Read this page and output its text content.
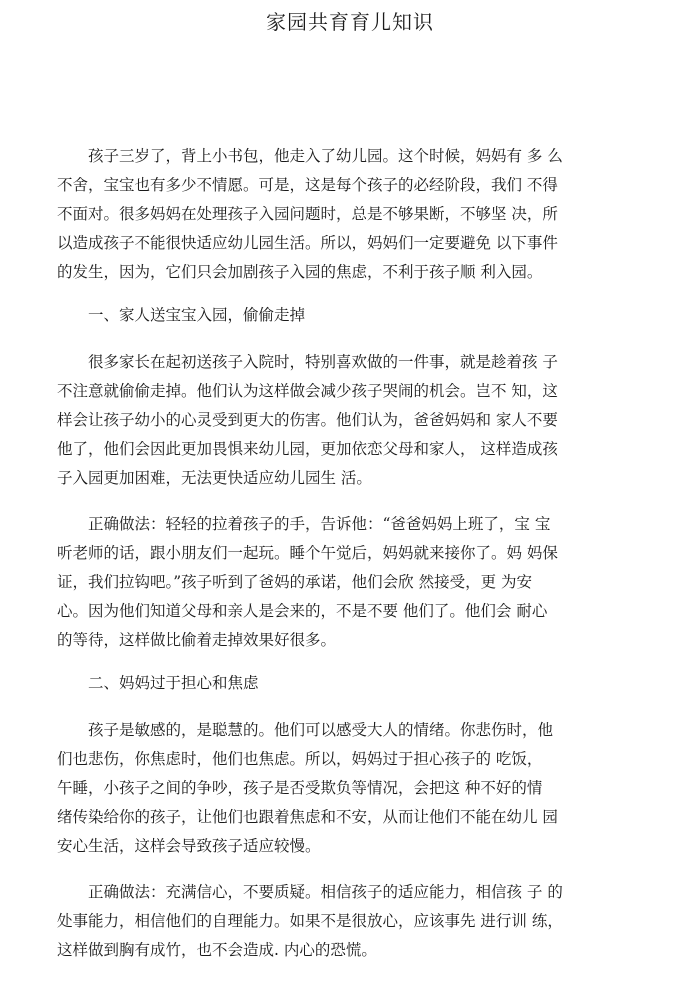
家园共育育儿知识

孩子三岁了，背上小书包，他走入了幼儿园。这个时候，妈妈有 多 么
不舍，宝宝也有多少不情愿。可是，这是每个孩子的必经阶段，我们 不得
不面对。很多妈妈在处理孩子入园问题时，总是不够果断，不够坚 决，所
以造成孩子不能很快适应幼儿园生活。所以，妈妈们一定要避免 以下事件
的发生，因为，它们只会加剧孩子入园的焦虑，不利于孩子顺 利入园。

一、家人送宝宝入园，偷偷走掉

很多家长在起初送孩子入院时，特别喜欢做的一件事，就是趁着孩 子
不注意就偷偷走掉。他们认为这样做会减少孩子哭闹的机会。岂不 知，这
样会让孩子幼小的心灵受到更大的伤害。他们认为，爸爸妈妈和 家人不要
他了，他们会因此更加畏惧来幼儿园，更加依恋父母和家人， 这样造成孩
子入园更加困难，无法更快适应幼儿园生 活。

正确做法：轻轻的拉着孩子的手，告诉他：“爸爸妈妈上班了，宝 宝
听老师的话，跟小朋友们一起玩。睡个午觉后，妈妈就来接你了。妈 妈保
证，我们拉钩吧。”孩子听到了爸妈的承诺，他们会欣 然接受，更 为安
心。因为他们知道父母和亲人是会来的，不是不要 他们了。他们会 耐心
的等待，这样做比偷着走掉效果好很多。

二、妈妈过于担心和焦虑

孩子是敏感的，是聪慧的。他们可以感受大人的情绪。你悲伤时，他
们也悲伤，你焦虑时，他们也焦虑。所以，妈妈过于担心孩子的 吃饭，
午睡，小孩子之间的争吵，孩子是否受欺负等情况，会把这 种不好的情
绪传染给你的孩子，让他们也跟着焦虑和不安，从而让他们不能在幼儿 园
安心生活，这样会导致孩子适应较慢。

正确做法：充满信心，不要质疑。相信孩子的适应能力，相信孩 子 的
处事能力，相信他们的自理能力。如果不是很放心，应该事先 进行训 练，
这样做到胸有成竹，也不会造成. 内心的恐慌。
